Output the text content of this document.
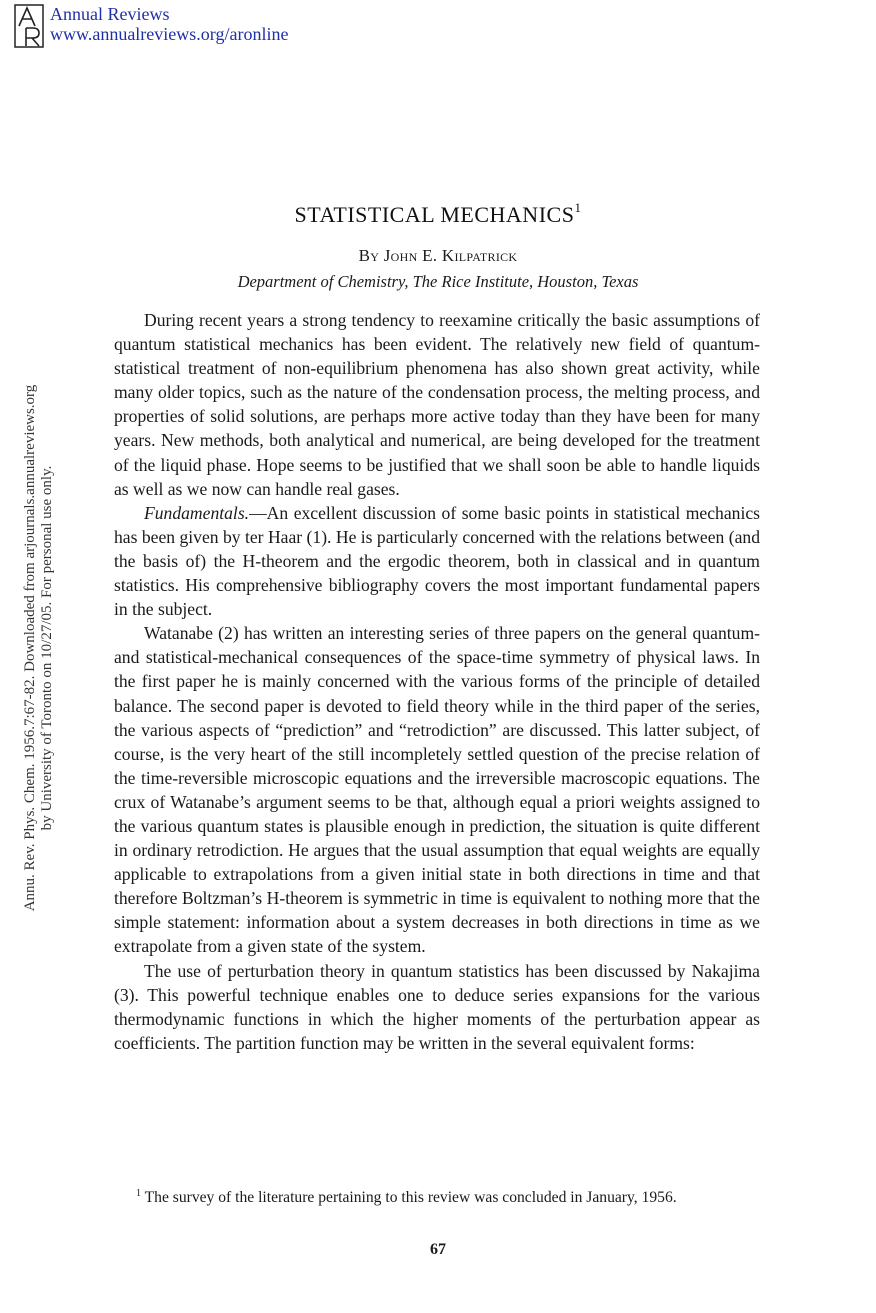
Annual Reviews
www.annualreviews.org/aronline
Annu. Rev. Phys. Chem. 1956.7:67-82. Downloaded from arjournals.annualreviews.org by University of Toronto on 10/27/05. For personal use only.
STATISTICAL MECHANICS$^1$
By John E. Kilpatrick
Department of Chemistry, The Rice Institute, Houston, Texas

During recent years a strong tendency to reexamine critically the basic assumptions of quantum statistical mechanics has been evident. The relatively new field of quantum-statistical treatment of non-equilibrium phenomena has also shown great activity, while many older topics, such as the nature of the condensation process, the melting process, and properties of solid solutions, are perhaps more active today than they have been for many years. New methods, both analytical and numerical, are being developed for the treatment of the liquid phase. Hope seems to be justified that we shall soon be able to handle liquids as well as we now can handle real gases.

Fundamentals.—An excellent discussion of some basic points in statistical mechanics has been given by ter Haar (1). He is particularly concerned with the relations between (and the basis of) the H-theorem and the ergodic theorem, both in classical and in quantum statistics. His comprehensive bibliography covers the most important fundamental papers in the subject.

Watanabe (2) has written an interesting series of three papers on the general quantum- and statistical-mechanical consequences of the space-time symmetry of physical laws. In the first paper he is mainly concerned with the various forms of the principle of detailed balance. The second paper is devoted to field theory while in the third paper of the series, the various aspects of “prediction” and “retrodiction” are discussed. This latter subject, of course, is the very heart of the still incompletely settled question of the precise relation of the time-reversible microscopic equations and the irreversible macroscopic equations. The crux of Watanabe’s argument seems to be that, although equal a priori weights assigned to the various quantum states is plausible enough in prediction, the situation is quite different in ordinary retrodiction. He argues that the usual assumption that equal weights are equally applicable to extrapolations from a given initial state in both directions in time and that therefore Boltzman’s H-theorem is symmetric in time is equivalent to nothing more that the simple statement: information about a system decreases in both directions in time as we extrapolate from a given state of the system.

The use of perturbation theory in quantum statistics has been discussed by Nakajima (3). This powerful technique enables one to deduce series expansions for the various thermodynamic functions in which the higher moments of the perturbation appear as coefficients. The partition function may be written in the several equivalent forms:

$^1$ The survey of the literature pertaining to this review was concluded in January, 1956.

67
